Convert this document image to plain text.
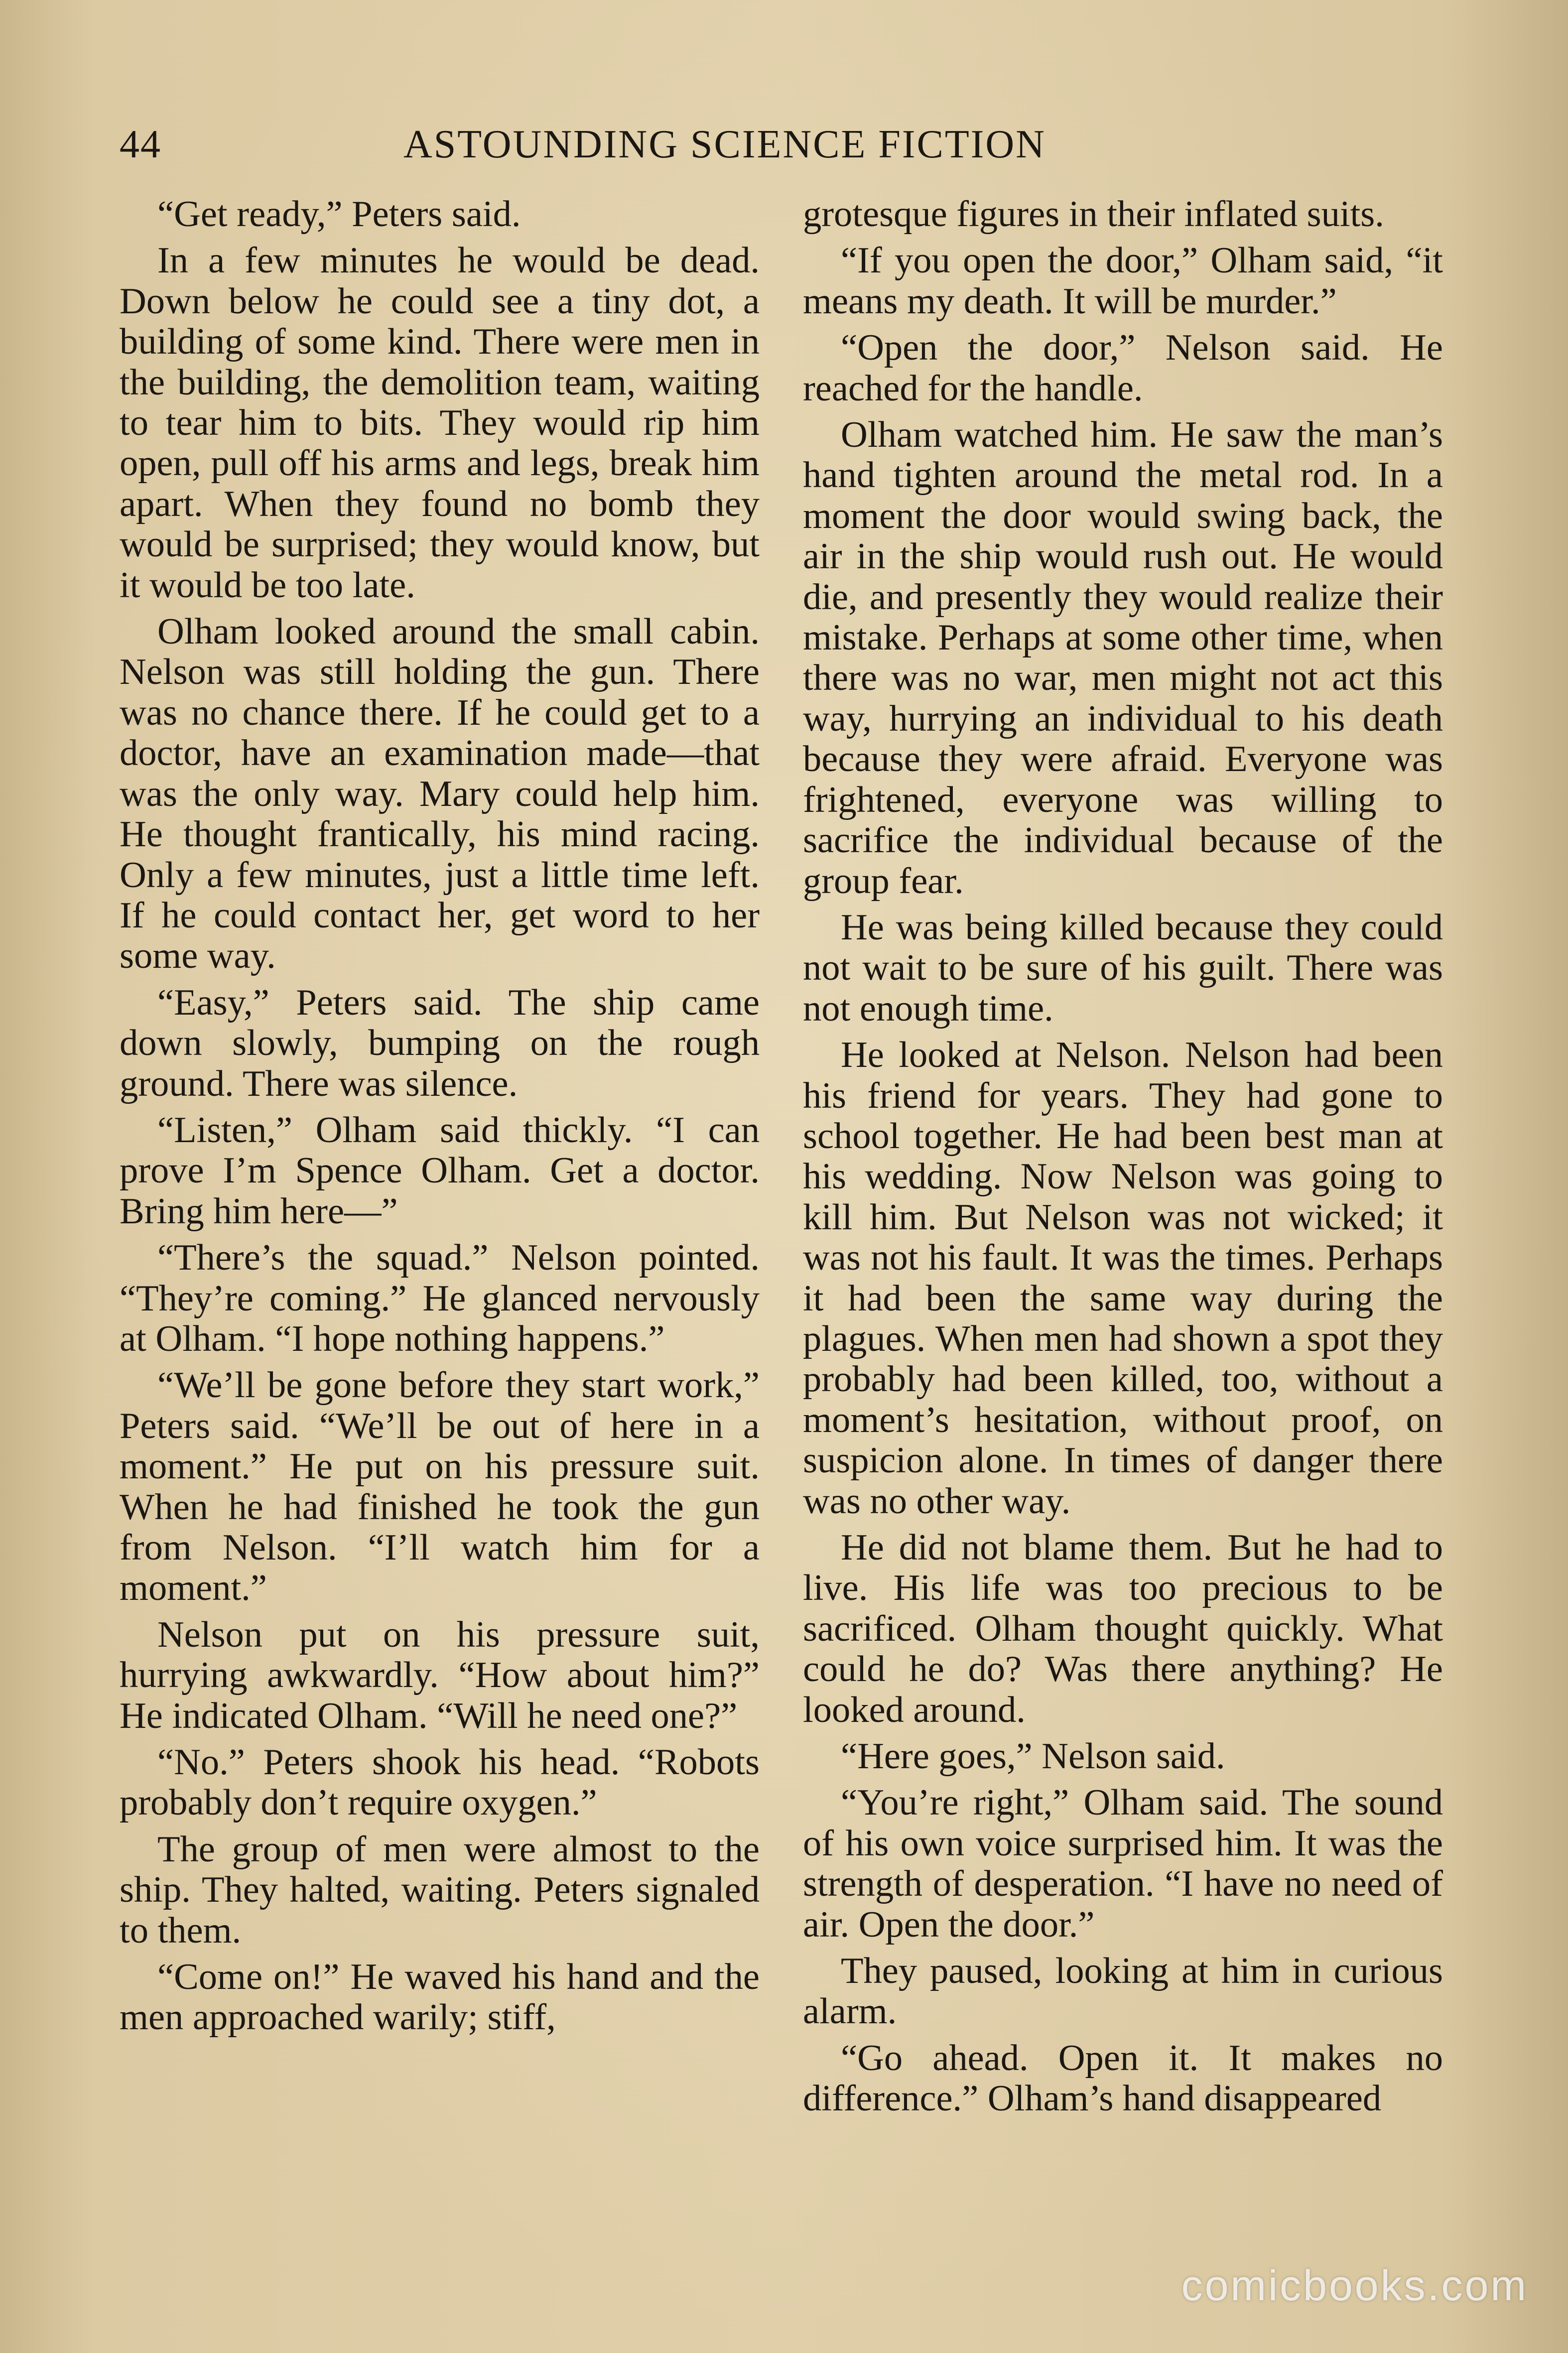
44	ASTOUNDING SCIENCE FICTION

“Get ready,” Peters said.

In a few minutes he would be dead. Down below he could see a tiny dot, a building of some kind. There were men in the building, the demolition team, waiting to tear him to bits. They would rip him open, pull off his arms and legs, break him apart. When they found no bomb they would be surprised; they would know, but it would be too late.

Olham looked around the small cabin. Nelson was still holding the gun. There was no chance there. If he could get to a doctor, have an examination made—that was the only way. Mary could help him. He thought frantically, his mind racing. Only a few minutes, just a little time left. If he could contact her, get word to her some way.

“Easy,” Peters said. The ship came down slowly, bumping on the rough ground. There was silence.

“Listen,” Olham said thickly. “I can prove I’m Spence Olham. Get a doctor. Bring him here—”

“There’s the squad.” Nelson pointed. “They’re coming.” He glanced nervously at Olham. “I hope nothing happens.”

“We’ll be gone before they start work,” Peters said. “We’ll be out of here in a moment.” He put on his pressure suit. When he had finished he took the gun from Nelson. “I’ll watch him for a moment.”

Nelson put on his pressure suit, hurrying awkwardly. “How about him?” He indicated Olham. “Will he need one?”

“No.” Peters shook his head. “Robots probably don’t require oxygen.”

The group of men were almost to the ship. They halted, waiting. Peters signaled to them.

“Come on!” He waved his hand and the men approached warily; stiff,

grotesque figures in their inflated suits.

“If you open the door,” Olham said, “it means my death. It will be murder.”

“Open the door,” Nelson said. He reached for the handle.

Olham watched him. He saw the man’s hand tighten around the metal rod. In a moment the door would swing back, the air in the ship would rush out. He would die, and presently they would realize their mistake. Perhaps at some other time, when there was no war, men might not act this way, hurrying an individual to his death because they were afraid. Everyone was frightened, everyone was willing to sacrifice the individual because of the group fear.

He was being killed because they could not wait to be sure of his guilt. There was not enough time.

He looked at Nelson. Nelson had been his friend for years. They had gone to school together. He had been best man at his wedding. Now Nelson was going to kill him. But Nelson was not wicked; it was not his fault. It was the times. Perhaps it had been the same way during the plagues. When men had shown a spot they probably had been killed, too, without a moment’s hesitation, without proof, on suspicion alone. In times of danger there was no other way.

He did not blame them. But he had to live. His life was too precious to be sacrificed. Olham thought quickly. What could he do? Was there anything? He looked around.

“Here goes,” Nelson said.

“You’re right,” Olham said. The sound of his own voice surprised him. It was the strength of desperation. “I have no need of air. Open the door.”

They paused, looking at him in curious alarm.

“Go ahead. Open it. It makes no difference.” Olham’s hand disappeared

comicbooks.com
